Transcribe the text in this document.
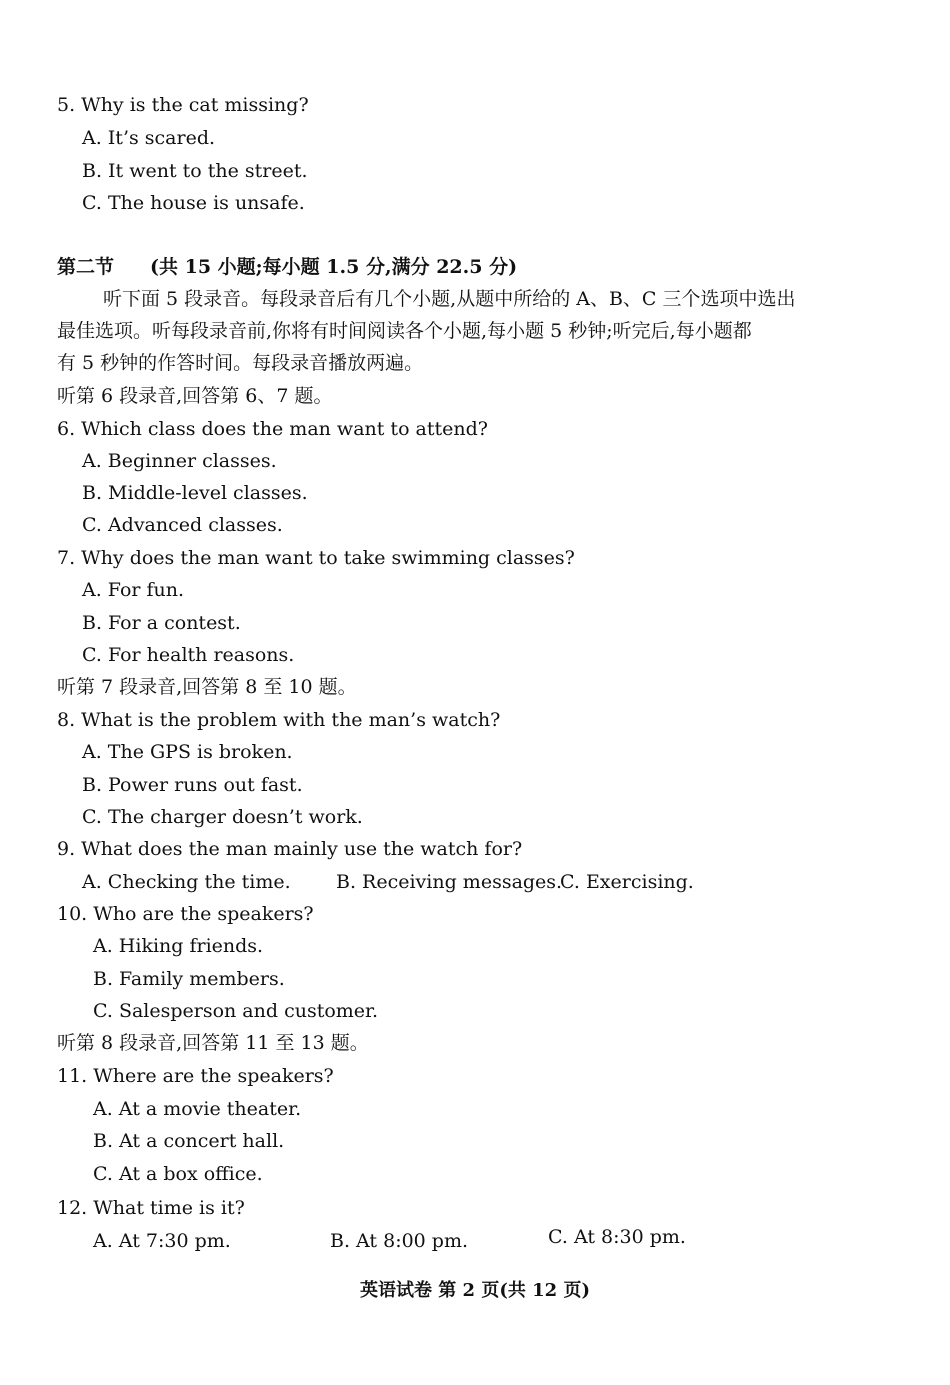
5. Why is the cat missing?
A. It’s scared.
B. It went to the street.
C. The house is unsafe.
第二节 (共 15 小题;每小题 1.5 分,满分 22.5 分)
听下面 5 段录音。每段录音后有几个小题,从题中所给的 A、B、C 三个选项中选出
最佳选项。听每段录音前,你将有时间阅读各个小题,每小题 5 秒钟;听完后,每小题都
有 5 秒钟的作答时间。每段录音播放两遍。
听第 6 段录音,回答第 6、7 题。
6. Which class does the man want to attend?
A. Beginner classes.
B. Middle-level classes.
C. Advanced classes.
7. Why does the man want to take swimming classes?
A. For fun.
B. For a contest.
C. For health reasons.
听第 7 段录音,回答第 8 至 10 题。
8. What is the problem with the man’s watch?
A. The GPS is broken.
B. Power runs out fast.
C. The charger doesn’t work.
9. What does the man mainly use the watch for?
A. Checking the time. B. Receiving messages.
C. Exercising.
10. Who are the speakers?
A. Hiking friends.
B. Family members.
C. Salesperson and customer.
听第 8 段录音,回答第 11 至 13 题。
11. Where are the speakers?
A. At a movie theater.
B. At a concert hall.
C. At a box office.
12. What time is it?
A. At 7:30 pm.	B. At 8:00 pm.	C. At 8:30 pm.
英语试卷 第 2 页(共 12 页)
